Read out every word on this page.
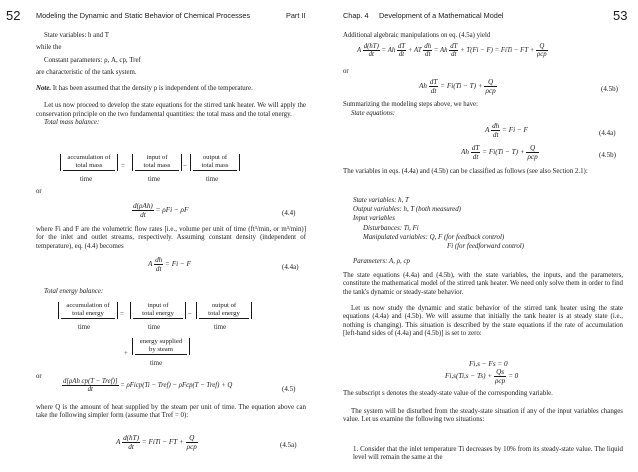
52 Modeling the Dynamic and Static Behavior of Chemical Processes	Part II

State variables: h and T

while the

Constant parameters: ρ, A, cp, Tref

are characteristic of the tank system.

Note. It has been assumed that the density ρ is independent of the temperature.

Let us now proceed to develop the state equations for the stirred tank heater. We will apply the conservation principle on the two fundamental quantities: the total mass and the total energy.

Total mass balance:

accumulation of
total mass	=
input of
total mass	−
output of
total mass
time	time	time
or
$\frac{\text{d(ρAh)}}{dt} = \rho Fi - \rho F$	(4.4)
where Fi and F are the volumetric flow rates [i.e., volume per unit of time (ft³/min, or m³/min)] for the inlet and outlet streams, respectively. Assuming constant density (independent of temperature), eq. (4.4) becomes
A $\frac{dh}{dt} = Fi - F$	(4.4a)
Total energy balance:
accumulation of
total energy	=
input of
total energy	−
output of
total energy
time	time	time
+
energy supplied
by steam
time
or
$\frac{\text{d[ρAh cp(T − Tref)]}}{dt}$ = ρFicp(Ti − Tref) − ρFcp(T − Tref) + Q	(4.5)
where Q is the amount of heat supplied by the steam per unit of time. The equation above can take the following simpler form (assume that Tref = 0):
A $\frac{d(hT)}{dt}$ = FiTi − FT + $\frac{Q}{\text{ρcp}}$	(4.5a)
Chap. 4 Development of a Mathematical Model	53
Additional algebraic manipulations on eq. (4.5a) yield
A $\frac{d(hT)}{dt} = Ah \frac{dT}{dt}$ + AT $\frac{dh}{dt} = Ah \frac{dT}{dt} + T(Fi - F)$ = FiTi − FT + $\frac{Q}{\text{ρcp}}$
or
Ah $\frac{dT}{dt} = Fi(Ti - T) + \frac{Q}{\text{ρcp}}$	(4.5b)
Summarizing the modeling steps above, we have:
State equations:
A $\frac{dh}{dt} = Fi - F$	(4.4a)
Ah $\frac{dT}{dt} = Fi(Ti - T) + \frac{Q}{\text{ρcp}}$	(4.5b)
The variables in eqs. (4.4a) and (4.5b) can be classified as follows (see also Section 2.1):

State variables: h, T

Output variables: h, T (both measured)

Input variables

Disturbances: Ti, Fi

Manipulated variables: Q, F (for feedback control)

Fi (for feedforward control)

Parameters: A, ρ, cp

The state equations (4.4a) and (4.5b), with the state variables, the inputs, and the parameters, constitute the mathematical model of the stirred tank heater. We need only solve them in order to find the tank's dynamic or steady-state behavior.
Let us now study the dynamic and static behavior of the stirred tank heater using the state equations (4.4a) and (4.5b). We will assume that initially the tank heater is at steady state (i.e., nothing is changing). This situation is described by the state equations if the rate of accumulation [left-hand sides of (4.4a) and (4.5b)] is set to zero:
Fi,s − Fs = 0
$Fi,s(Ti,s - Ts) + \frac{Qs}{\text{ρcp}} = 0$
The subscript s denotes the steady-state value of the corresponding variable.
The system will be disturbed from the steady-state situation if any of the input variables changes value. Let us examine the following two situations:
1. Consider that the inlet temperature Ti decreases by 10% from its steady-state value. The liquid level will remain the same at the
